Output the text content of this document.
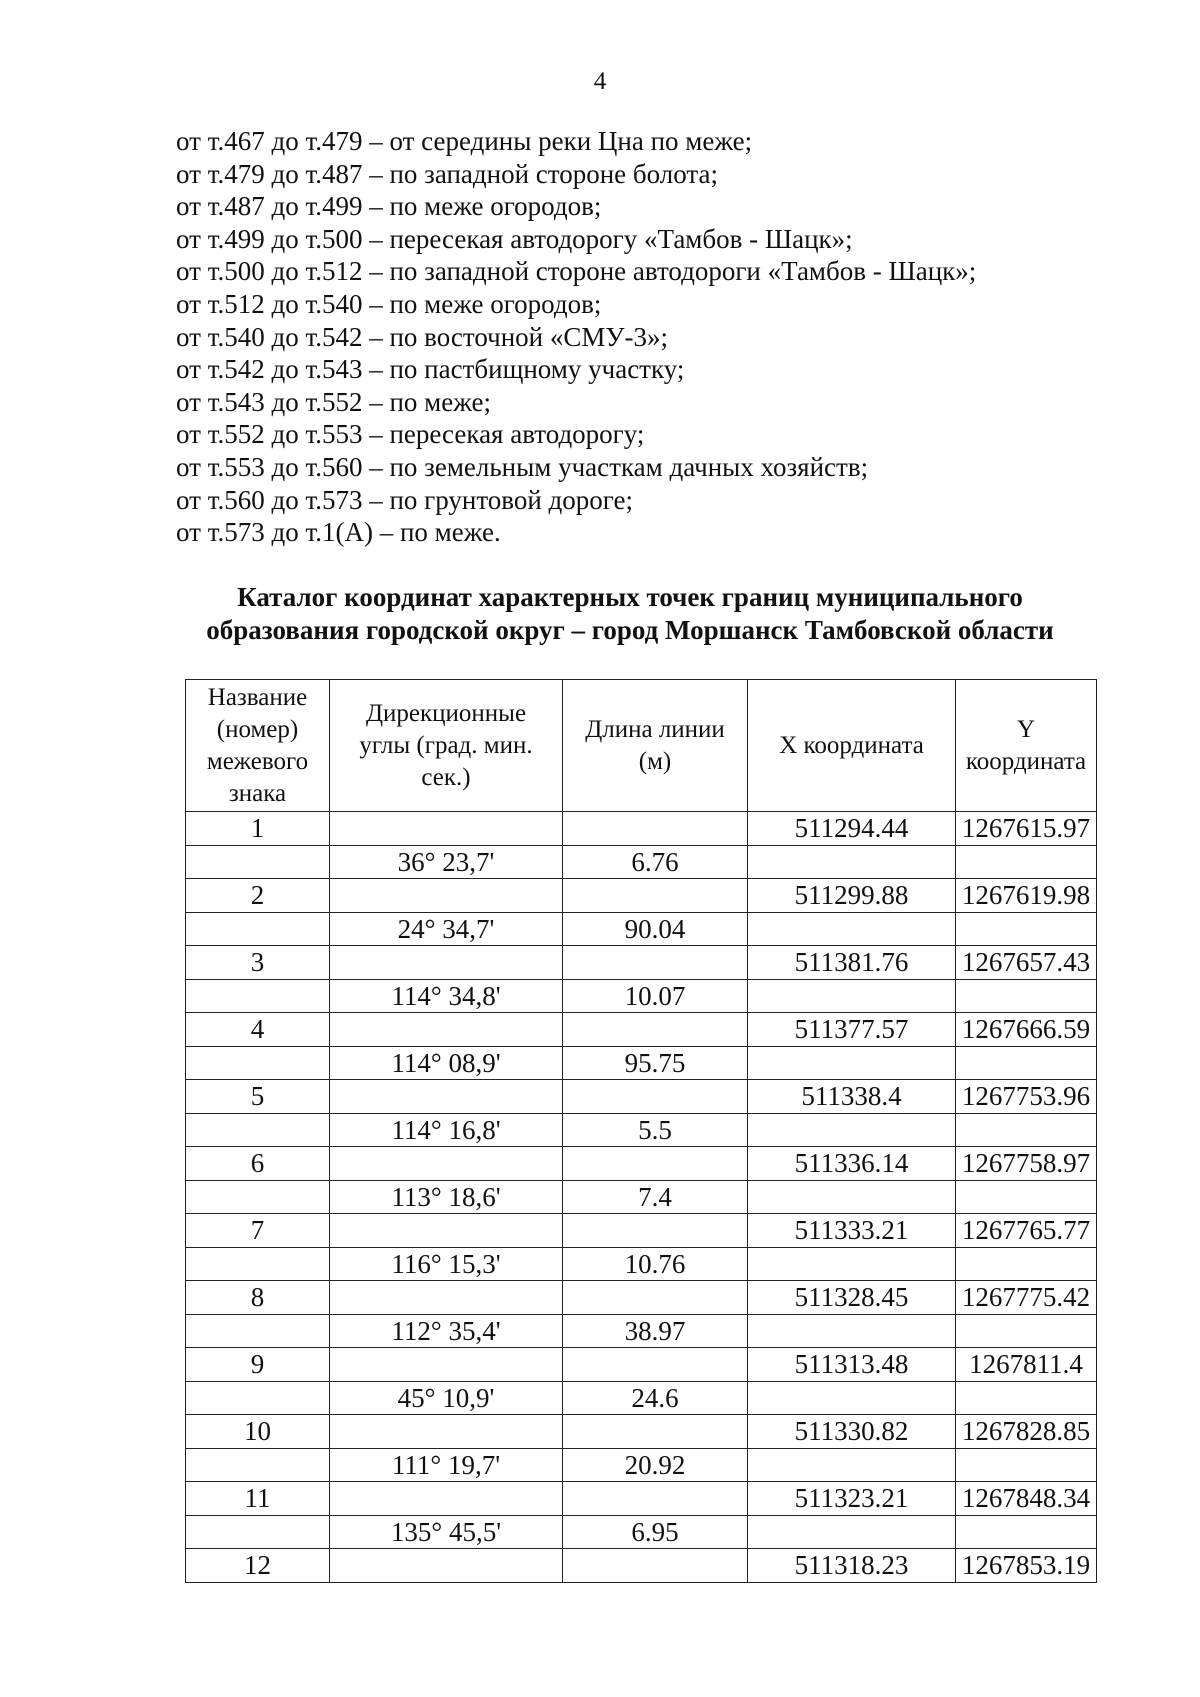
4
от т.467 до т.479 – от середины реки Цна по меже;
от т.479 до т.487 – по западной стороне болота;
от т.487 до т.499 – по меже огородов;
от т.499 до т.500 – пересекая автодорогу «Тамбов - Шацк»;
от т.500 до т.512 – по западной стороне автодороги «Тамбов - Шацк»;
от т.512 до т.540 – по меже огородов;
от т.540 до т.542 – по восточной «СМУ-3»;
от т.542 до т.543 – по пастбищному участку;
от т.543 до т.552 – по меже;
от т.552 до т.553 – пересекая автодорогу;
от т.553 до т.560 – по земельным участкам дачных хозяйств;
от т.560 до т.573 – по грунтовой дороге;
от т.573 до т.1(А) – по меже.
Каталог координат характерных точек границ муниципального
образования городской округ – город Моршанск Тамбовской области
Название
(номер)
межевого
знака	Дирекционные
углы (град. мин.
сек.)	Длина линии
(м)	X координата	Y координата
1			511294.44	1267615.97
	36° 23,7'	6.76		
2			511299.88	1267619.98
	24° 34,7'	90.04		
3			511381.76	1267657.43
	114° 34,8'	10.07		
4			511377.57	1267666.59
	114° 08,9'	95.75		
5			511338.4	1267753.96
	114° 16,8'	5.5		
6			511336.14	1267758.97
	113° 18,6'	7.4		
7			511333.21	1267765.77
	116° 15,3'	10.76		
8			511328.45	1267775.42
	112° 35,4'	38.97		
9			511313.48	1267811.4
	45° 10,9'	24.6		
10			511330.82	1267828.85
	111° 19,7'	20.92		
11			511323.21	1267848.34
	135° 45,5'	6.95		
12			511318.23	1267853.19
